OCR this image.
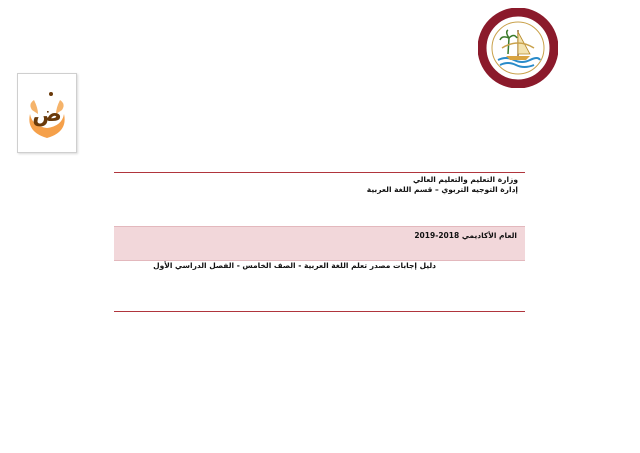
ض
وزارة التعليم والتعليم العالي
إدارة التوجيه التربوي – قسم اللغة العربية
العام الأكاديمي 2018-2019
دليل إجابات مصدر تعلم اللغة العربية - الصف الخامس - الفصل الدراسي الأول
